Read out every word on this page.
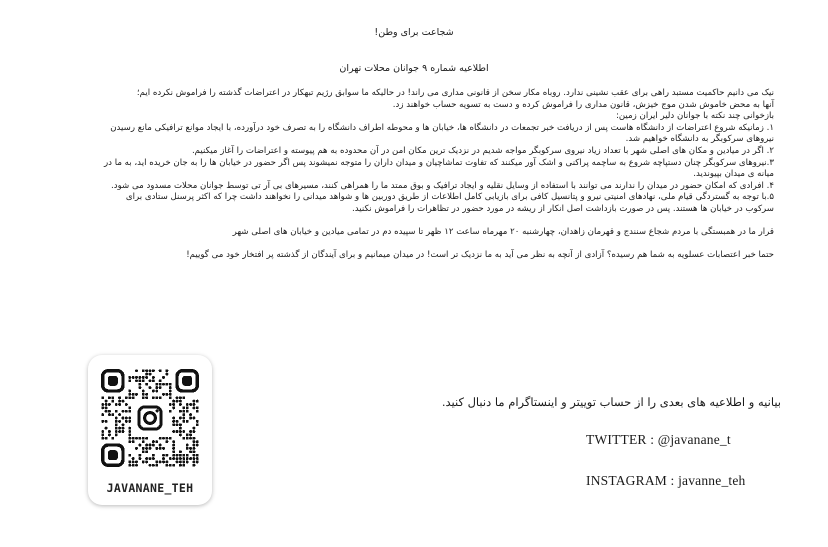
شجاعت برای وطن!
اطلاعیه شماره ۹ جوانان محلات تهران

نیک می دانیم حاکمیت مستبد راهی برای عقب نشینی ندارد. روباه مکار سخن از قانونی مداری می راند! در حالیکه ما سوابق رژیم تبهکار در اعتراضات گذشته را فراموش نکرده ایم؛

آنها به محض خاموش شدن موج خیزش، قانون مداری را فراموش کرده و دست به تسویه حساب خواهند زد.

بازخوانی چند نکته با جوانان دلیر ایران زمین:

۱. زمانیکه شروع اعتراضات از دانشگاه هاست پس از دریافت خبر تجمعات در دانشگاه ها، خیابان ها و محوطه اطراف دانشگاه را به تصرف خود درآورده، با ایجاد موانع ترافیکی مانع رسیدن نیروهای سرکوبگر به دانشگاه خواهیم شد.

۲. اگر در میادین و مکان های اصلی شهر با تعداد زیاد نیروی سرکوبگر مواجه شدیم در نزدیک ترین مکان امن در آن محدوده به هم پیوسته و اعتراضات را آغاز میکنیم.

۳.نیروهای سرکوبگر چنان دستپاچه شروع به ساچمه پراکنی و اشک آور میکنند که تفاوت تماشاچیان و میدان داران را متوجه نمیشوند پس اگر حضور در خیابان ها را به جان خریده اید، به ما در میانه ی میدان بپیوندید.

۴. افرادی که امکان حضور در میدان را ندارند می توانند با استفاده از وسایل نقلیه و ایجاد ترافیک و بوق ممتد ما را همراهی کنند، مسیرهای بی آر تی توسط جوانان محلات مسدود می شود.

۵.با توجه به گستردگی قیام ملی، نهادهای امنیتی نیرو و پتانسیل کافی برای بازیابی کامل اطلاعات از طریق دوربین ها و شواهد میدانی را نخواهند داشت چرا که اکثر پرسنل ستادی برای سرکوب در خیابان ها هستند. پس در صورت بازداشت اصل انکار از ریشه در مورد حضور در تظاهرات را فراموش نکنید.

قرار ما در همبستگی با مردم شجاع سنندج و قهرمان زاهدان، چهارشنبه ۲۰ مهرماه ساعت ۱۲ ظهر تا سپیده دم در تمامی میادین و خیابان های اصلی شهر

حتما خبر اعتصابات عسلویه به شما هم رسیده؟ آزادی از آنچه به نظر می آید به ما نزدیک تر است! در میدان میمانیم و برای آیندگان از گذشته پر افتخار خود می گوییم!

بیانیه و اطلاعیه های بعدی را از حساب توییتر و اینستاگرام ما دنبال کنید.
TWITTER : @javanane_t
INSTAGRAM : javanne_teh
JAVANANE_TEH
